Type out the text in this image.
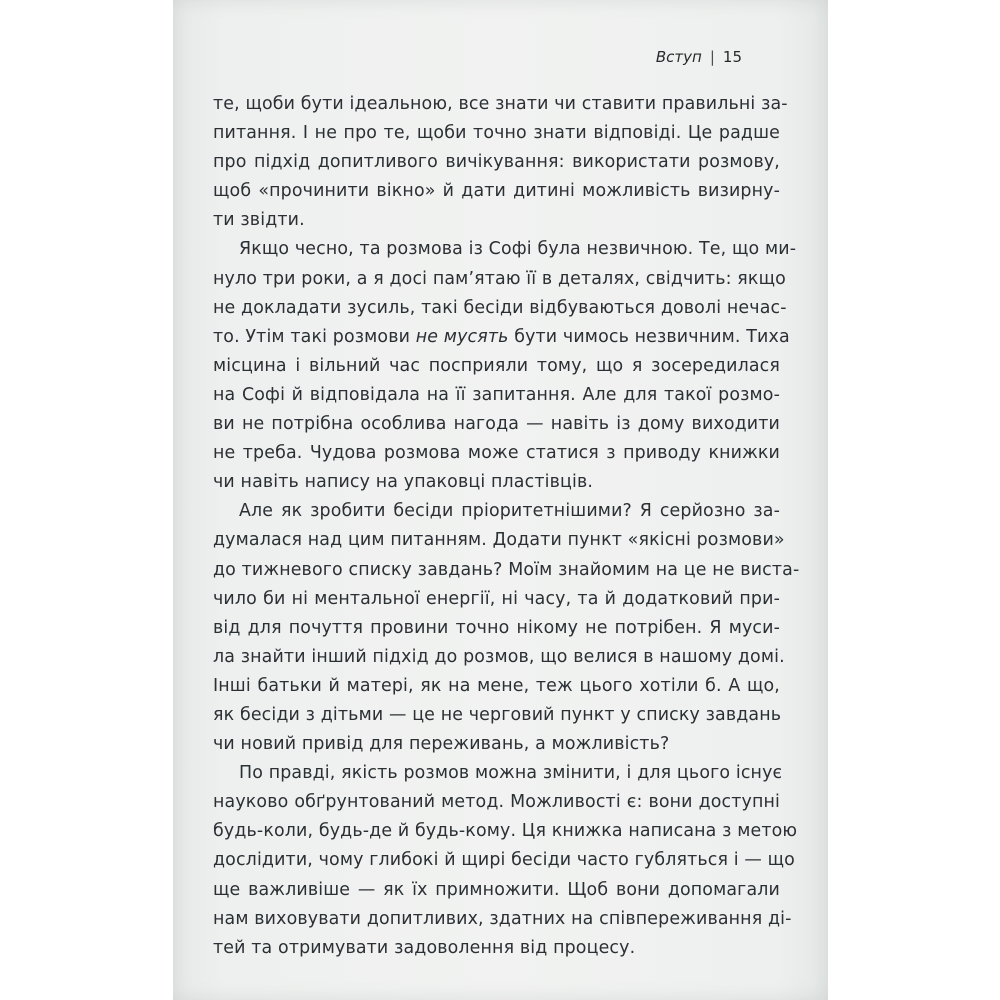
Вступ | 15
те, щоби бути ідеальною, все знати чи ставити правильні за-
питання. І не про те, щоби точно знати відповіді. Це радше
про підхід допитливого вичікування: використати розмову,
щоб «прочинити вікно» й дати дитині можливість визирну-
ти звідти.
Якщо чесно, та розмова із Софі була незвичною. Те, що ми-
нуло три роки, а я досі пам’ятаю її в деталях, свідчить: якщо
не докладати зусиль, такі бесіди відбуваються доволі нечас-
то. Утім такі розмови не мусять бути чимось незвичним. Тиха
місцина і вільний час посприяли тому, що я зосередилася
на Софі й відповідала на її запитання. Але для такої розмо-
ви не потрібна особлива нагода — навіть із дому виходити
не треба. Чудова розмова може статися з приводу книжки
чи навіть напису на упаковці пластівців.
Але як зробити бесіди пріоритетнішими? Я серйозно за-
думалася над цим питанням. Додати пункт «якісні розмови»
до тижневого списку завдань? Моїм знайомим на це не виста-
чило би ні ментальної енергії, ні часу, та й додатковий при-
від для почуття провини точно нікому не потрібен. Я муси-
ла знайти інший підхід до розмов, що велися в нашому домі.
Інші батьки й матері, як на мене, теж цього хотіли б. А що,
як бесіди з дітьми — це не черговий пункт у списку завдань
чи новий привід для переживань, а можливість?
По правді, якість розмов можна змінити, і для цього існує
науково обґрунтований метод. Можливості є: вони доступні
будь-коли, будь-де й будь-кому. Ця книжка написана з метою
дослідити, чому глибокі й щирі бесіди часто губляться і — що
ще важливіше — як їх примножити. Щоб вони допомагали
нам виховувати допитливих, здатних на співпереживання ді-
тей та отримувати задоволення від процесу.
